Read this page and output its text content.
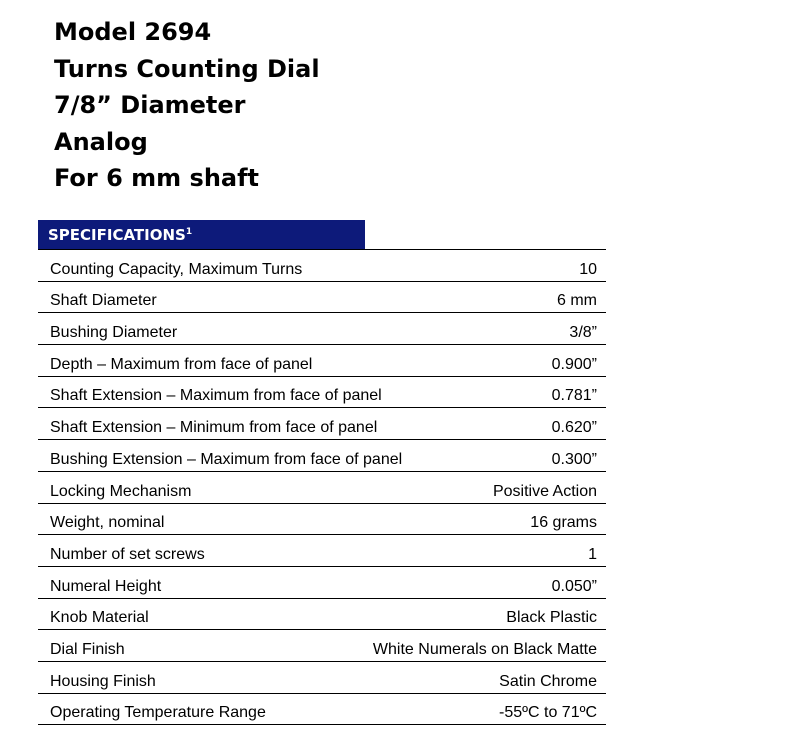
Model 2694
Turns Counting Dial
7/8” Diameter
Analog
For 6 mm shaft
SPECIFICATIONS$^1$
Counting Capacity, Maximum Turns	10
Shaft Diameter	6 mm
Bushing Diameter	3/8”
Depth – Maximum from face of panel	0.900”
Shaft Extension – Maximum from face of panel	0.781”
Shaft Extension – Minimum from face of panel	0.620”
Bushing Extension – Maximum from face of panel	0.300”
Locking Mechanism	Positive Action
Weight, nominal	16 grams
Number of set screws	1
Numeral Height	0.050”
Knob Material	Black Plastic
Dial Finish	White Numerals on Black Matte
Housing Finish	Satin Chrome
Operating Temperature Range	-55ºC to 71ºC
